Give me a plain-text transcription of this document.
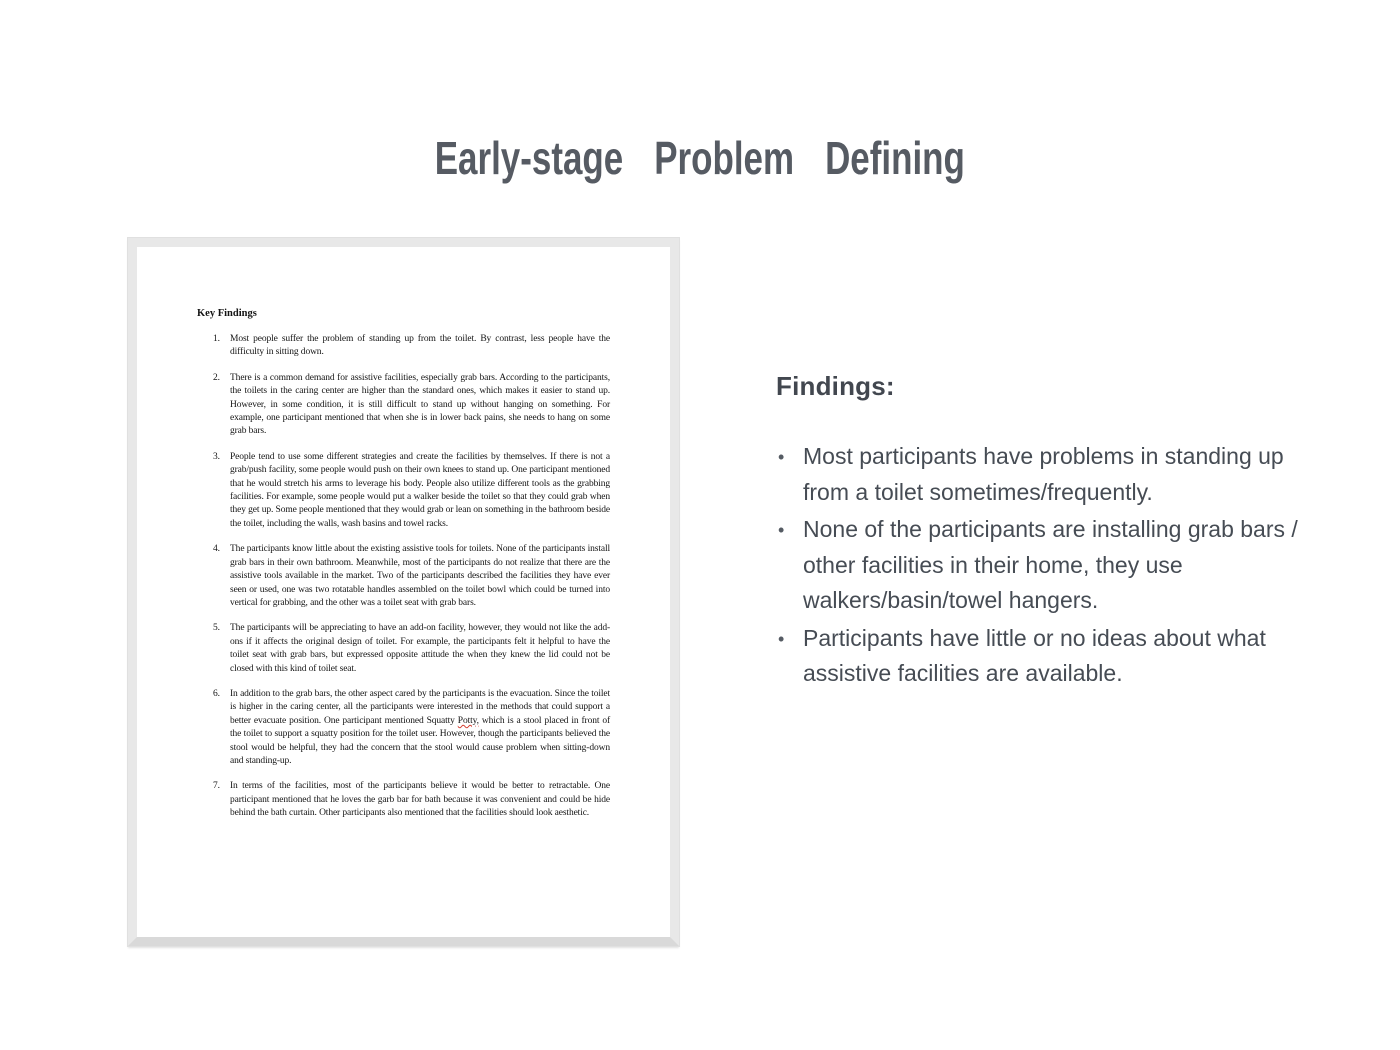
Early-stage Problem Defining
Key Findings
1. Most people suffer the problem of standing up from the toilet. By contrast, less people have the difficulty in sitting down.
2. There is a common demand for assistive facilities, especially grab bars. According to the participants, the toilets in the caring center are higher than the standard ones, which makes it easier to stand up. However, in some condition, it is still difficult to stand up without hanging on something. For example, one participant mentioned that when she is in lower back pains, she needs to hang on some grab bars.
3. People tend to use some different strategies and create the facilities by themselves. If there is not a grab/push facility, some people would push on their own knees to stand up. One participant mentioned that he would stretch his arms to leverage his body. People also utilize different tools as the grabbing facilities. For example, some people would put a walker beside the toilet so that they could grab when they get up. Some people mentioned that they would grab or lean on something in the bathroom beside the toilet, including the walls, wash basins and towel racks.
4. The participants know little about the existing assistive tools for toilets. None of the participants install grab bars in their own bathroom. Meanwhile, most of the participants do not realize that there are the assistive tools available in the market. Two of the participants described the facilities they have ever seen or used, one was two rotatable handles assembled on the toilet bowl which could be turned into vertical for grabbing, and the other was a toilet seat with grab bars.
5. The participants will be appreciating to have an add-on facility, however, they would not like the add-ons if it affects the original design of toilet. For example, the participants felt it helpful to have the toilet seat with grab bars, but expressed opposite attitude the when they knew the lid could not be closed with this kind of toilet seat.
6. In addition to the grab bars, the other aspect cared by the participants is the evacuation. Since the toilet is higher in the caring center, all the participants were interested in the methods that could support a better evacuate position. One participant mentioned Squatty Potty, which is a stool placed in front of the toilet to support a squatty position for the toilet user. However, though the participants believed the stool would be helpful, they had the concern that the stool would cause problem when sitting-down and standing-up.
7. In terms of the facilities, most of the participants believe it would be better to retractable. One participant mentioned that he loves the garb bar for bath because it was convenient and could be hide behind the bath curtain. Other participants also mentioned that the facilities should look aesthetic.
Findings:
• Most participants have problems in standing up from a toilet sometimes/frequently.
• None of the participants are installing grab bars / other facilities in their home, they use walkers/basin/towel hangers.
• Participants have little or no ideas about what assistive facilities are available.
